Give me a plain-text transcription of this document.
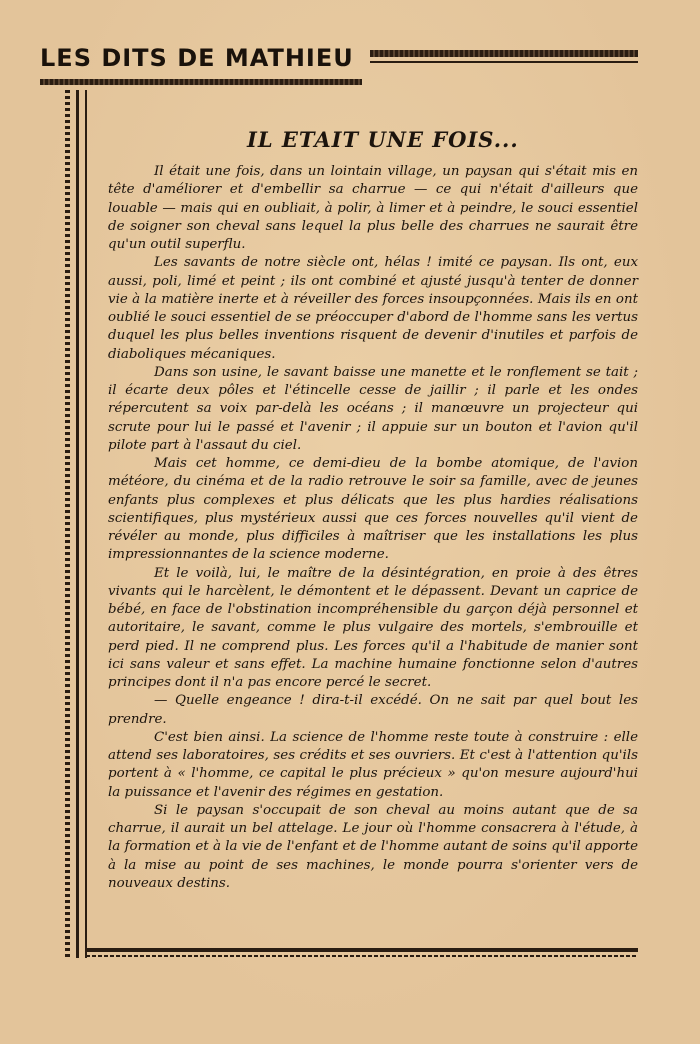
LES DITS DE MATHIEU
IL ETAIT UNE FOIS...

Il était une fois, dans un lointain village, un paysan qui s'était mis en tête d'améliorer et d'embellir sa charrue — ce qui n'était d'ailleurs que louable — mais qui en oubliait, à polir, à limer et à peindre, le souci essentiel de soigner son cheval sans lequel la plus belle des charrues ne saurait être qu'un outil superflu.

Les savants de notre siècle ont, hélas ! imité ce paysan. Ils ont, eux aussi, poli, limé et peint ; ils ont combiné et ajusté jusqu'à tenter de donner vie à la matière inerte et à réveiller des forces insoupçonnées. Mais ils en ont oublié le souci essentiel de se préoccuper d'abord de l'homme sans les vertus duquel les plus belles inventions risquent de devenir d'inutiles et parfois de diaboliques mécaniques.

Dans son usine, le savant baisse une manette et le ronflement se tait ; il écarte deux pôles et l'étincelle cesse de jaillir ; il parle et les ondes répercutent sa voix par-delà les océans ; il manœuvre un projecteur qui scrute pour lui le passé et l'avenir ; il appuie sur un bouton et l'avion qu'il pilote part à l'assaut du ciel.

Mais cet homme, ce demi-dieu de la bombe atomique, de l'avion météore, du cinéma et de la radio retrouve le soir sa famille, avec de jeunes enfants plus complexes et plus délicats que les plus hardies réalisations scientifiques, plus mystérieux aussi que ces forces nouvelles qu'il vient de révéler au monde, plus difficiles à maîtriser que les installations les plus impressionnantes de la science moderne.

Et le voilà, lui, le maître de la désintégration, en proie à des êtres vivants qui le harcèlent, le démontent et le dépassent. Devant un caprice de bébé, en face de l'obstination incompréhensible du garçon déjà personnel et autoritaire, le savant, comme le plus vulgaire des mortels, s'embrouille et perd pied. Il ne comprend plus. Les forces qu'il a l'habitude de manier sont ici sans valeur et sans effet. La machine humaine fonctionne selon d'autres principes dont il n'a pas encore percé le secret.

— Quelle engeance ! dira-t-il excédé. On ne sait par quel bout les prendre.

C'est bien ainsi. La science de l'homme reste toute à construire : elle attend ses laboratoires, ses crédits et ses ouvriers. Et c'est à l'attention qu'ils portent à « l'homme, ce capital le plus précieux » qu'on mesure aujourd'hui la puissance et l'avenir des régimes en gestation.

Si le paysan s'occupait de son cheval au moins autant que de sa charrue, il aurait un bel attelage. Le jour où l'homme consacrera à l'étude, à la formation et à la vie de l'enfant et de l'homme autant de soins qu'il apporte à la mise au point de ses machines, le monde pourra s'orienter vers de nouveaux destins.
